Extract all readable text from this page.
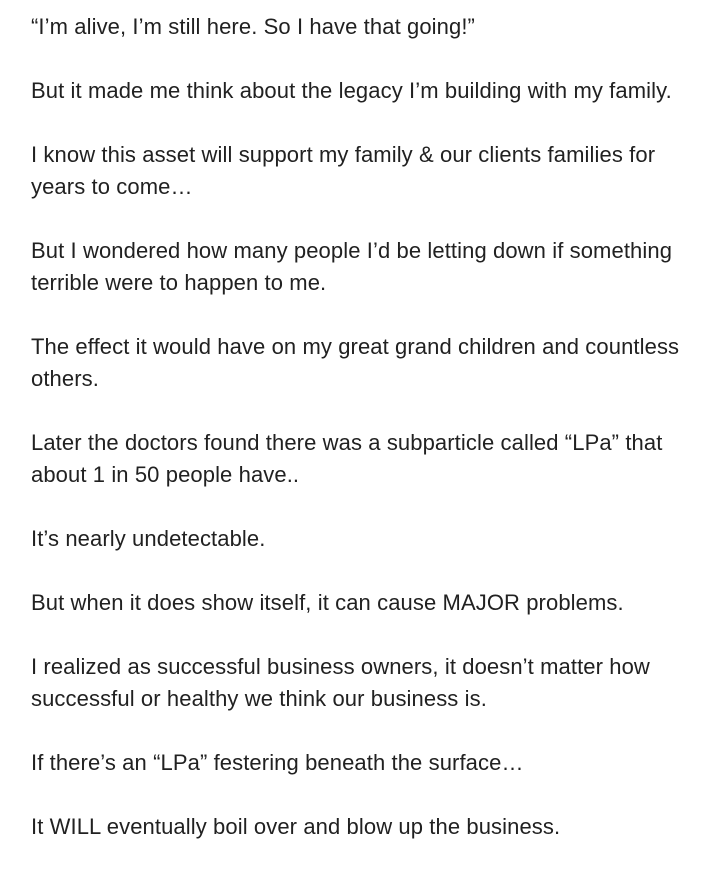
“I’m alive, I’m still here. So I have that going!”

But it made me think about the legacy I’m building with my family.

I know this asset will support my family & our clients families for years to come…

But I wondered how many people I’d be letting down if something terrible were to happen to me.

The effect it would have on my great grand children and countless others.

Later the doctors found there was a subparticle called “LPa” that about 1 in 50 people have..

It’s nearly undetectable.

But when it does show itself, it can cause MAJOR problems.

I realized as successful business owners, it doesn’t matter how successful or healthy we think our business is.

If there’s an “LPa” festering beneath the surface…

It WILL eventually boil over and blow up the business.
